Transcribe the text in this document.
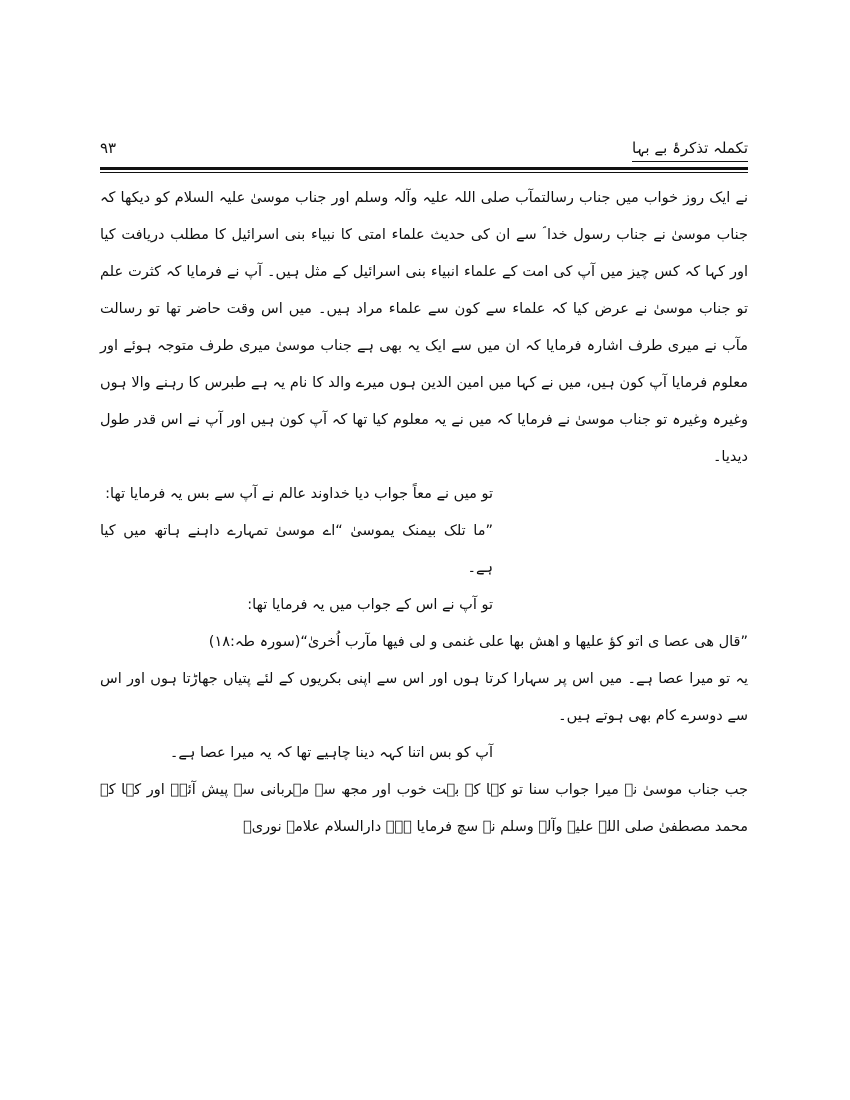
۹۳	تکملہ تذکرۂ بے بہا

نے ایک روز خواب میں جناب رسالتمآب صلی اللہ علیہ وآلہ وسلم اور جناب موسیٰ علیہ السلام کو دیکھا کہ جناب موسیٰ نے جناب رسول خدا ؐ سے ان کی حدیث علماء امتی کا نبیاء بنی اسرائیل کا مطلب دریافت کیا اور کہا کہ کس چیز میں آپ کی امت کے علماء انبیاء بنی اسرائیل کے مثل ہیں۔ آپ نے فرمایا کہ کثرت علم تو جناب موسیٰ نے عرض کیا کہ علماء سے کون سے علماء مراد ہیں۔ میں اس وقت حاضر تھا تو رسالت مآب نے میری طرف اشارہ فرمایا کہ ان میں سے ایک یہ بھی ہے جناب موسیٰ میری طرف متوجہ ہوئے اور معلوم فرمایا آپ کون ہیں، میں نے کہا میں امین الدین ہوں میرے والد کا نام یہ ہے طبرس کا رہنے والا ہوں وغیرہ وغیرہ تو جناب موسیٰ نے فرمایا کہ میں نے یہ معلوم کیا تھا کہ آپ کون ہیں اور آپ نے اس قدر طول دیدیا۔

تو میں نے معاً جواب دیا خداوند عالم نے آپ سے بس یہ فرمایا تھا:

”ما تلک بیمنک یموسیٰ “اے موسیٰ تمہارے داہنے ہاتھ میں کیا ہے۔

تو آپ نے اس کے جواب میں یہ فرمایا تھا:

”قال ھی عصا ی اتو کؤ علیھا و اھش بھا علی غنمی و لی فیھا مآرب اُخریٰ“(سورہ طہ:۱۸)

یہ تو میرا عصا ہے۔ میں اس پر سہارا کرتا ہوں اور اس سے اپنی بکریوں کے لئے پتیاں جھاڑتا ہوں اور اس سے دوسرے کام بھی ہوتے ہیں۔

آپ کو بس اتنا کہہ دینا چاہیے تھا کہ یہ میرا عصا ہے۔

جب جناب موسیٰ نے میرا جواب سنا تو کہا کہ بہت خوب اور مجھ سے مہربانی سے پیش آئے۔ اور کہا کہ محمد مصطفیٰ صلی اللہ علیہ وآلہ وسلم نے سچ فرمایا ہے۔ دارالسلام علامہ نوریؒ
